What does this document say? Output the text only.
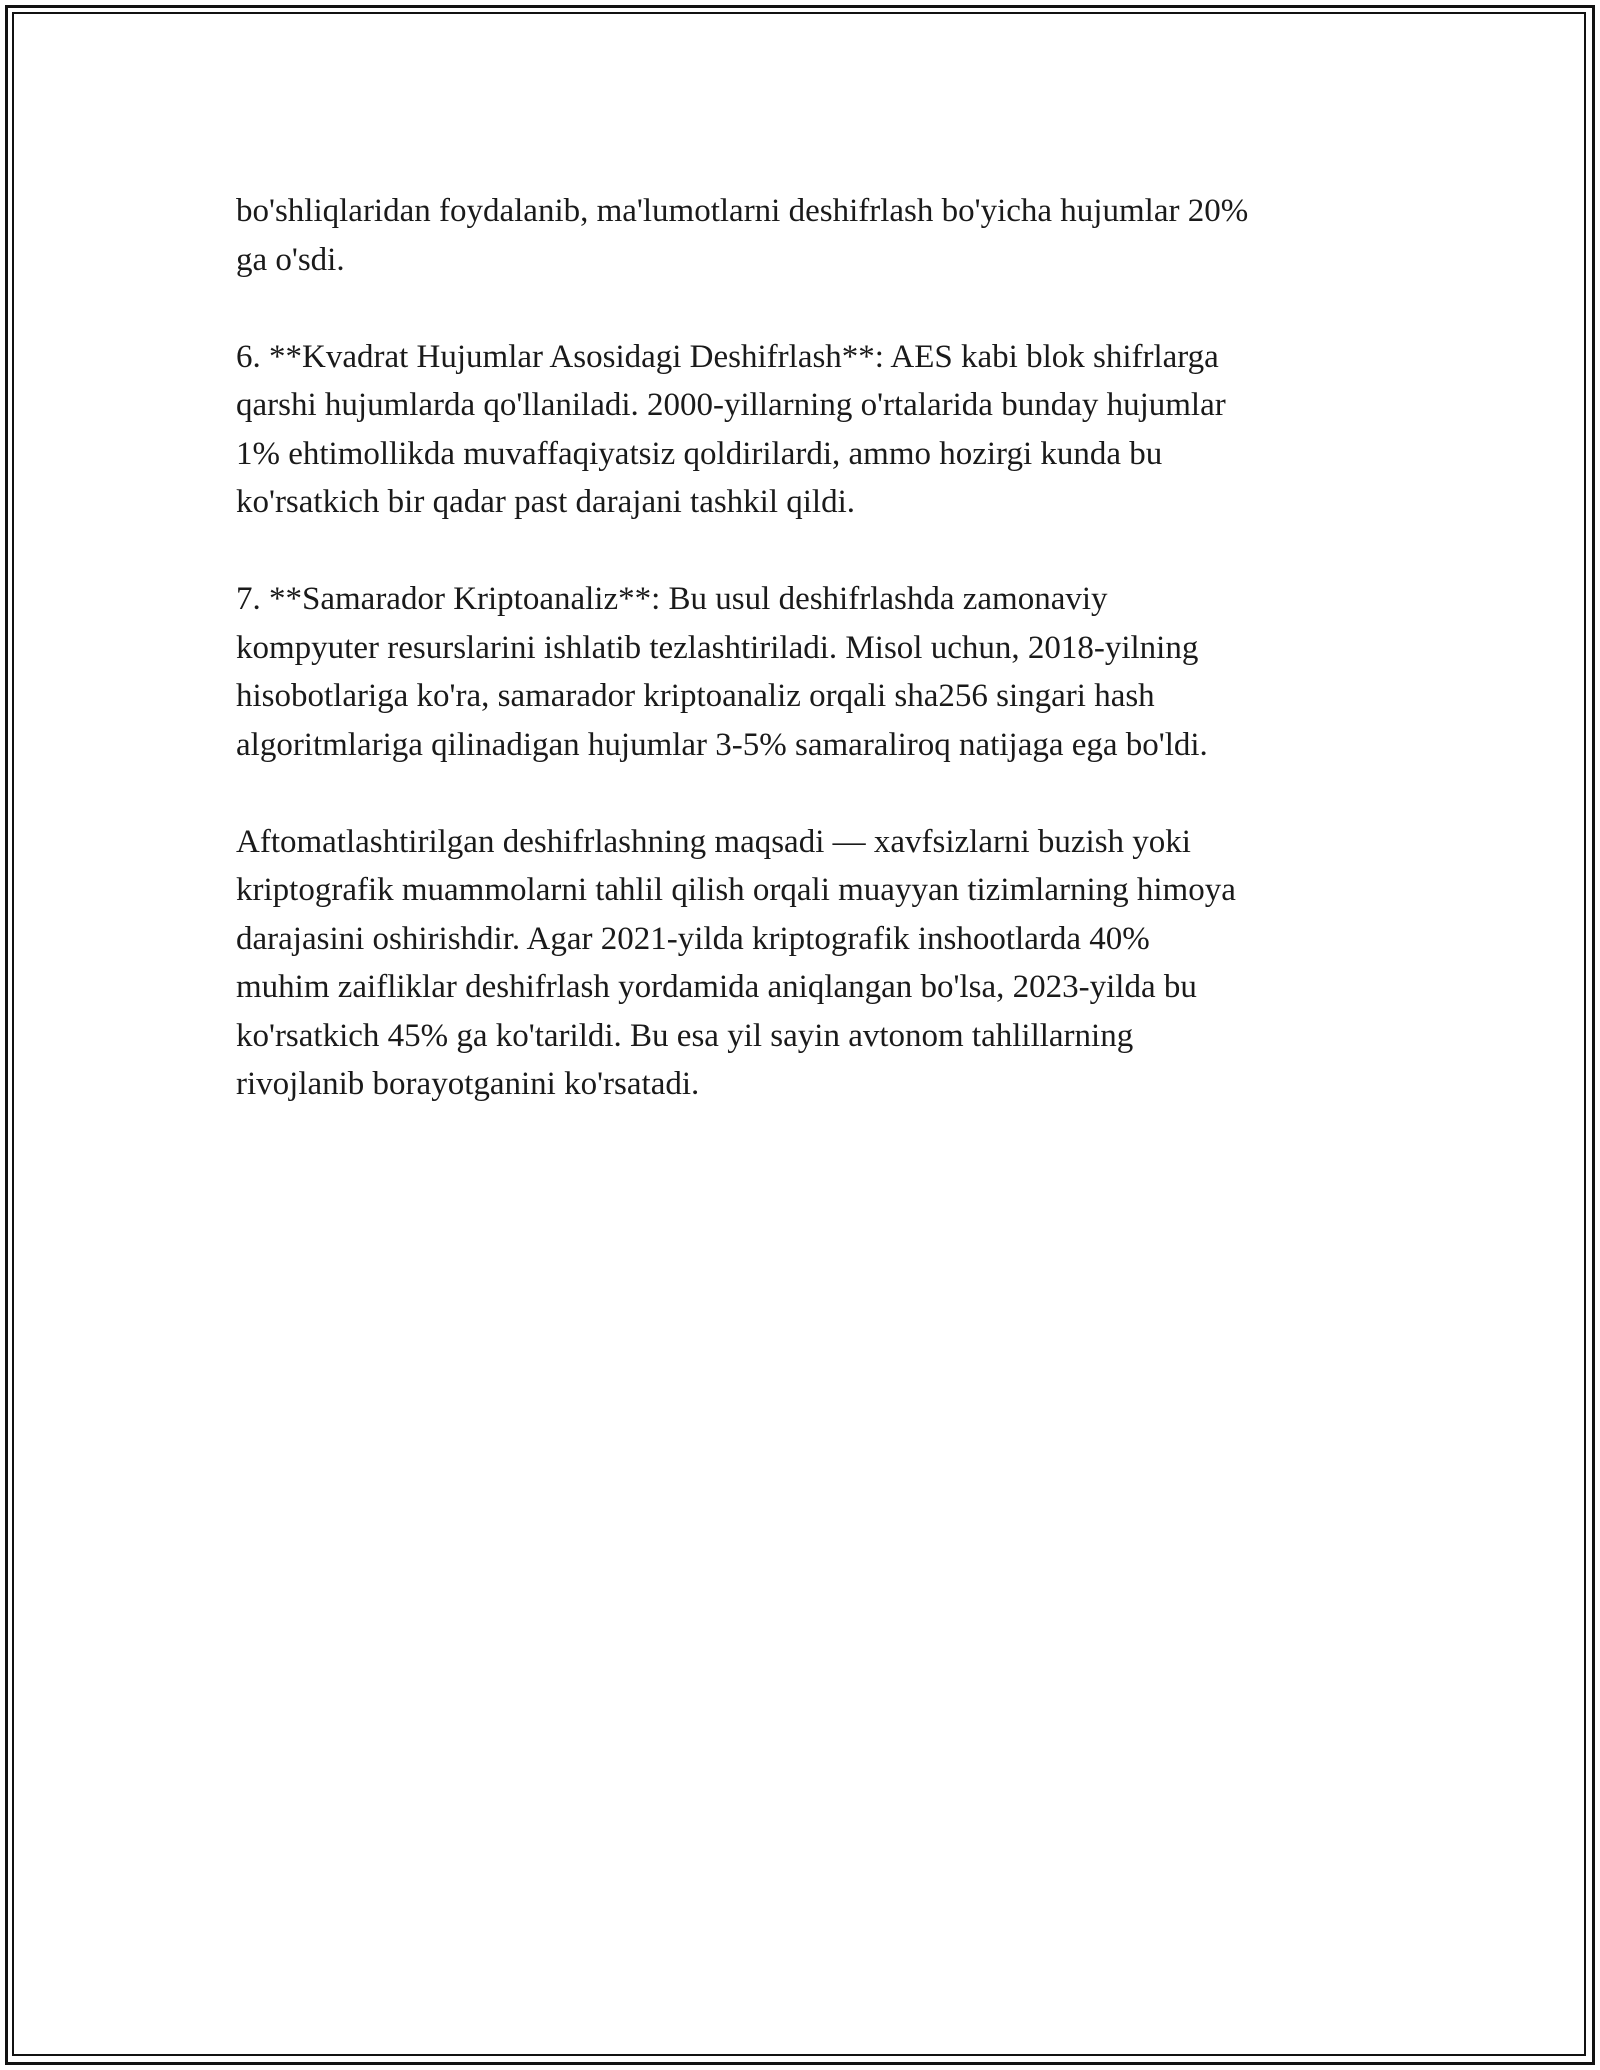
bo'shliqlaridan foydalanib, ma'lumotlarni deshifrlash bo'yicha hujumlar 20%
ga o'sdi.

6. **Kvadrat Hujumlar Asosidagi Deshifrlash**: AES kabi blok shifrlarga
qarshi hujumlarda qo'llaniladi. 2000-yillarning o'rtalarida bunday hujumlar
1% ehtimollikda muvaffaqiyatsiz qoldirilardi, ammo hozirgi kunda bu
ko'rsatkich bir qadar past darajani tashkil qildi.

7. **Samarador Kriptoanaliz**: Bu usul deshifrlashda zamonaviy
kompyuter resurslarini ishlatib tezlashtiriladi. Misol uchun, 2018-yilning
hisobotlariga ko'ra, samarador kriptoanaliz orqali sha256 singari hash
algoritmlariga qilinadigan hujumlar 3-5% samaraliroq natijaga ega bo'ldi.

Aftomatlashtirilgan deshifrlashning maqsadi — xavfsizlarni buzish yoki
kriptografik muammolarni tahlil qilish orqali muayyan tizimlarning himoya
darajasini oshirishdir. Agar 2021-yilda kriptografik inshootlarda 40%
muhim zaifliklar deshifrlash yordamida aniqlangan bo'lsa, 2023-yilda bu
ko'rsatkich 45% ga ko'tarildi. Bu esa yil sayin avtonom tahlillarning
rivojlanib borayotganini ko'rsatadi.
